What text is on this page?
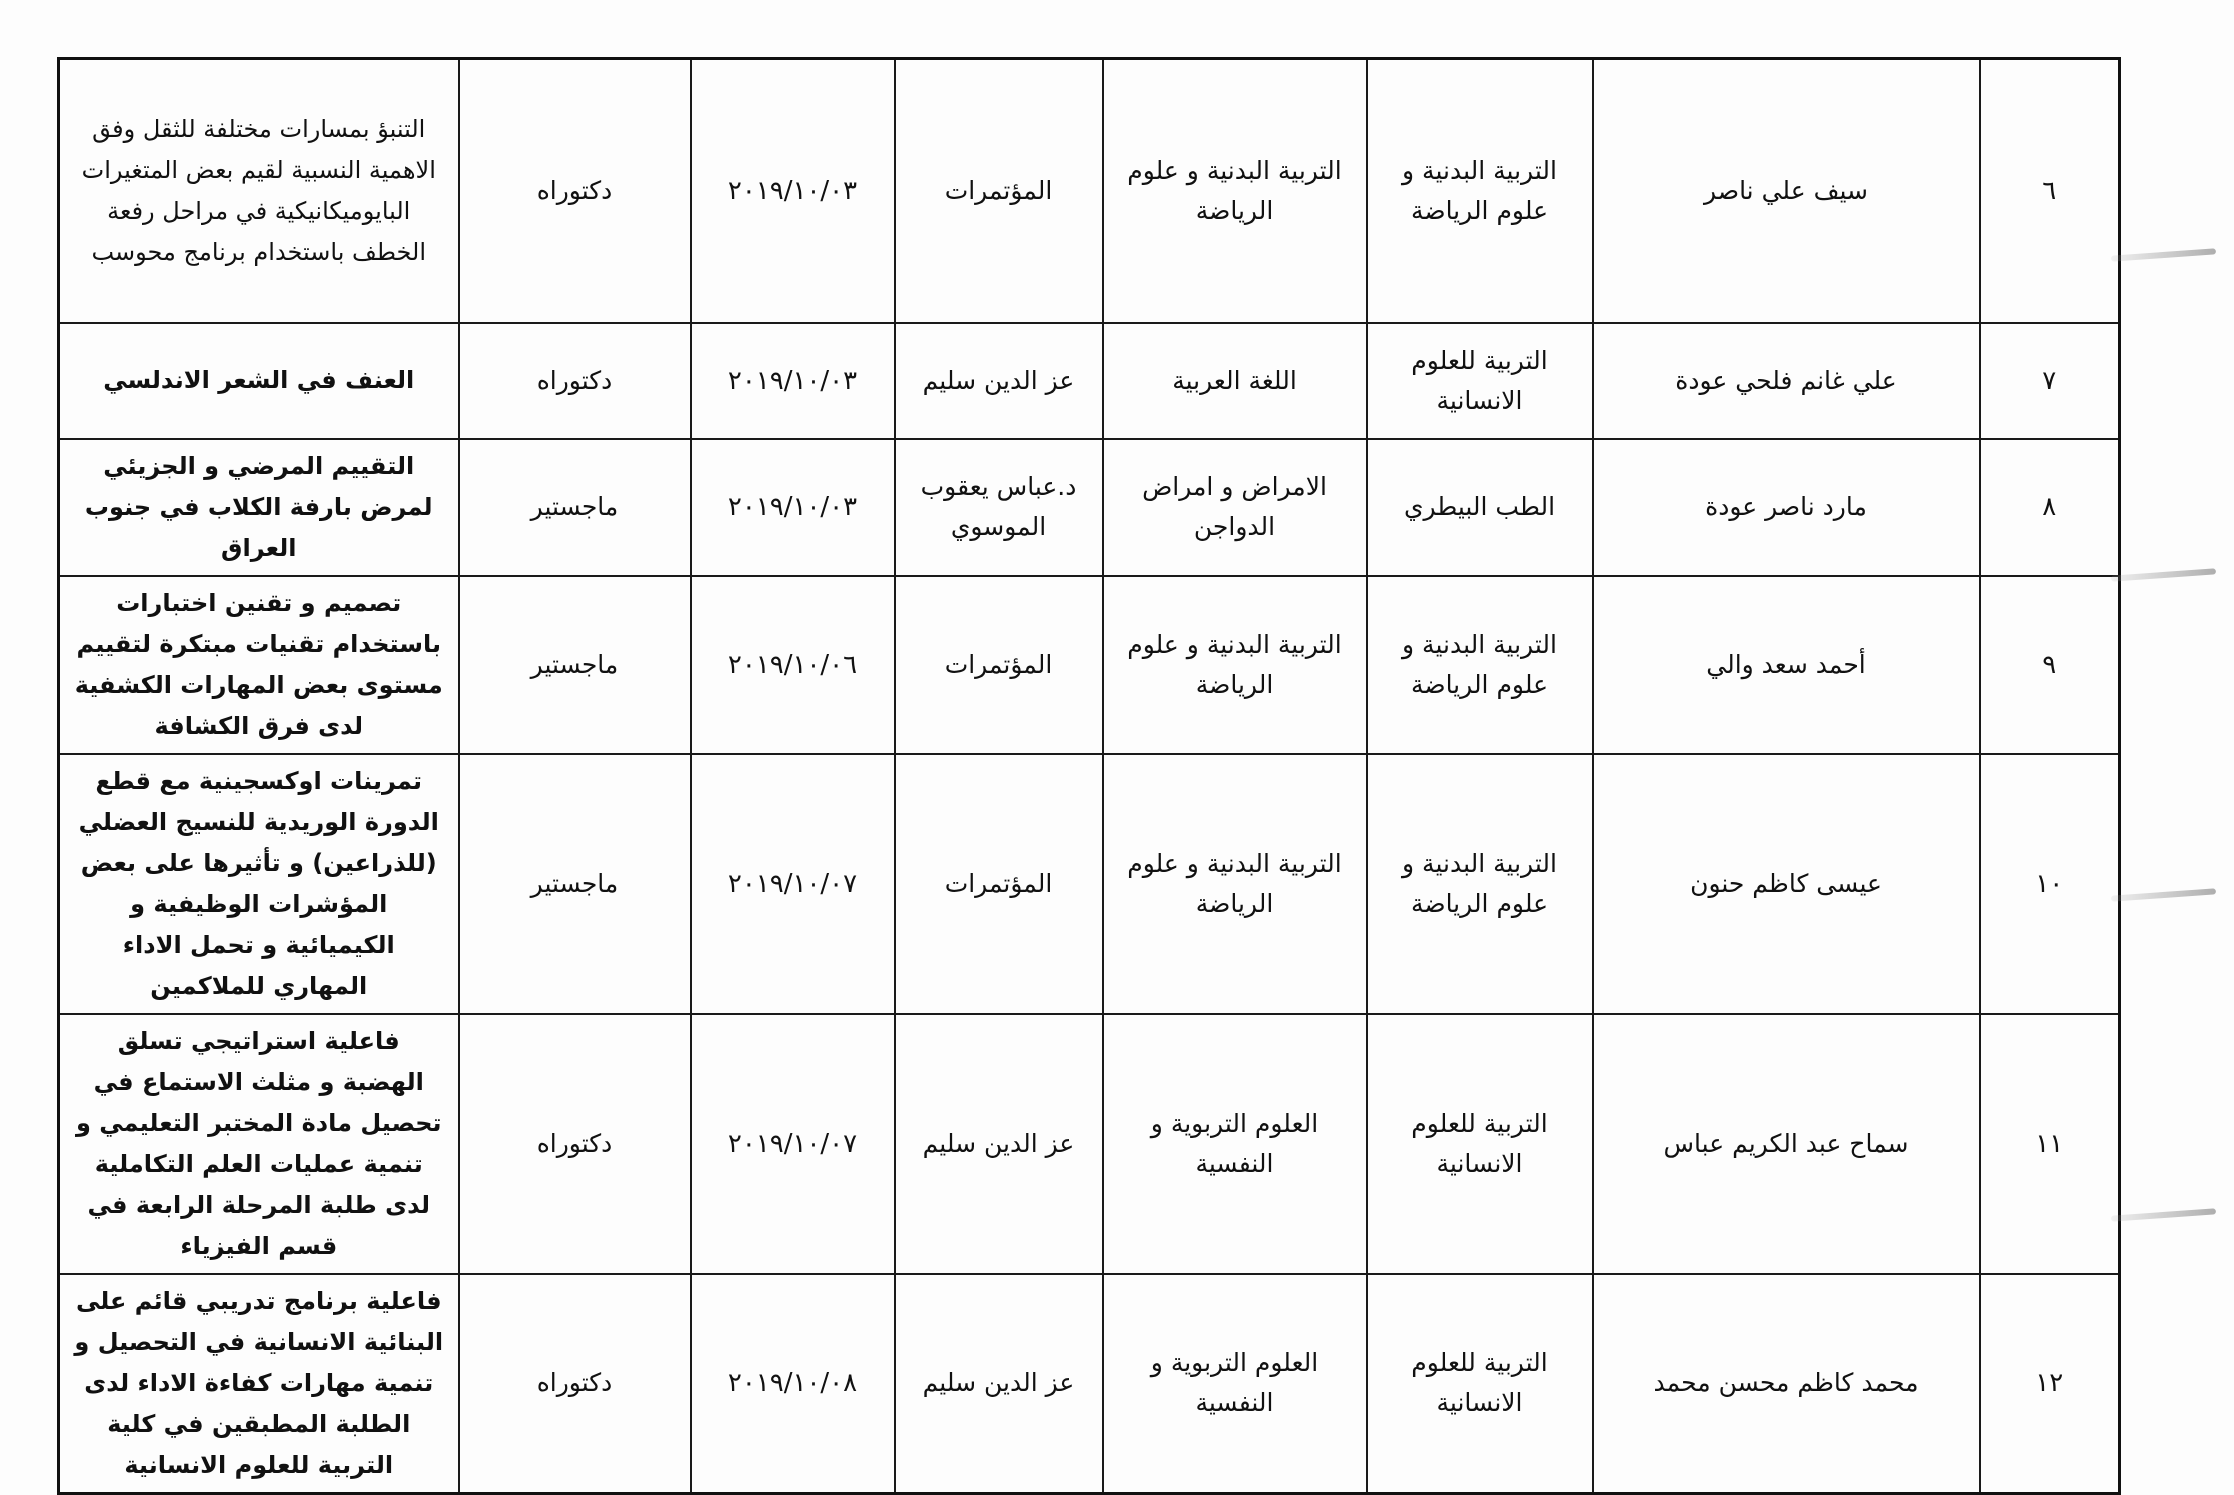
٦	سيف علي ناصر	التربية البدنية و علوم الرياضة	التربية البدنية و علوم الرياضة	المؤتمرات	٢٠١٩/١٠/٠٣	دكتوراه	التنبؤ بمسارات مختلفة للثقل وفق الاهمية النسبية لقيم بعض المتغيرات البايوميكانيكية في مراحل رفعة الخطف باستخدام برنامج محوسب
٧	علي غانم فلحي عودة	التربية للعلوم الانسانية	اللغة العربية	عز الدين سليم	٢٠١٩/١٠/٠٣	دكتوراه	العنف في الشعر الاندلسي
٨	مارد ناصر عودة	الطب البيطري	الامراض و امراض الدواجن	د.عباس يعقوب الموسوي	٢٠١٩/١٠/٠٣	ماجستير	التقييم المرضي و الجزيئي لمرض بارفة الكلاب في جنوب العراق
٩	أحمد سعد والي	التربية البدنية و علوم الرياضة	التربية البدنية و علوم الرياضة	المؤتمرات	٢٠١٩/١٠/٠٦	ماجستير	تصميم و تقنين اختبارات باستخدام تقنيات مبتكرة لتقييم مستوى بعض المهارات الكشفية لدى فرق الكشافة
١٠	عيسى كاظم حنون	التربية البدنية و علوم الرياضة	التربية البدنية و علوم الرياضة	المؤتمرات	٢٠١٩/١٠/٠٧	ماجستير	تمرينات اوكسجينية مع قطع الدورة الوريدية للنسيج العضلي (للذراعين) و تأثيرها على بعض المؤشرات الوظيفية و الكيميائية و تحمل الاداء المهاري للملاكمين
١١	سماح عبد الكريم عباس	التربية للعلوم الانسانية	العلوم التربوية و النفسية	عز الدين سليم	٢٠١٩/١٠/٠٧	دكتوراه	فاعلية استراتيجي تسلق الهضبة و مثلث الاستماع في تحصيل مادة المختبر التعليمي و تنمية عمليات العلم التكاملية لدى طلبة المرحلة الرابعة في قسم الفيزياء
١٢	محمد كاظم محسن محمد	التربية للعلوم الانسانية	العلوم التربوية و النفسية	عز الدين سليم	٢٠١٩/١٠/٠٨	دكتوراه	فاعلية برنامج تدريبي قائم على البنائية الانسانية في التحصيل و تنمية مهارات كفاءة الاداء لدى الطلبة المطبقين في كلية التربية للعلوم الانسانية
